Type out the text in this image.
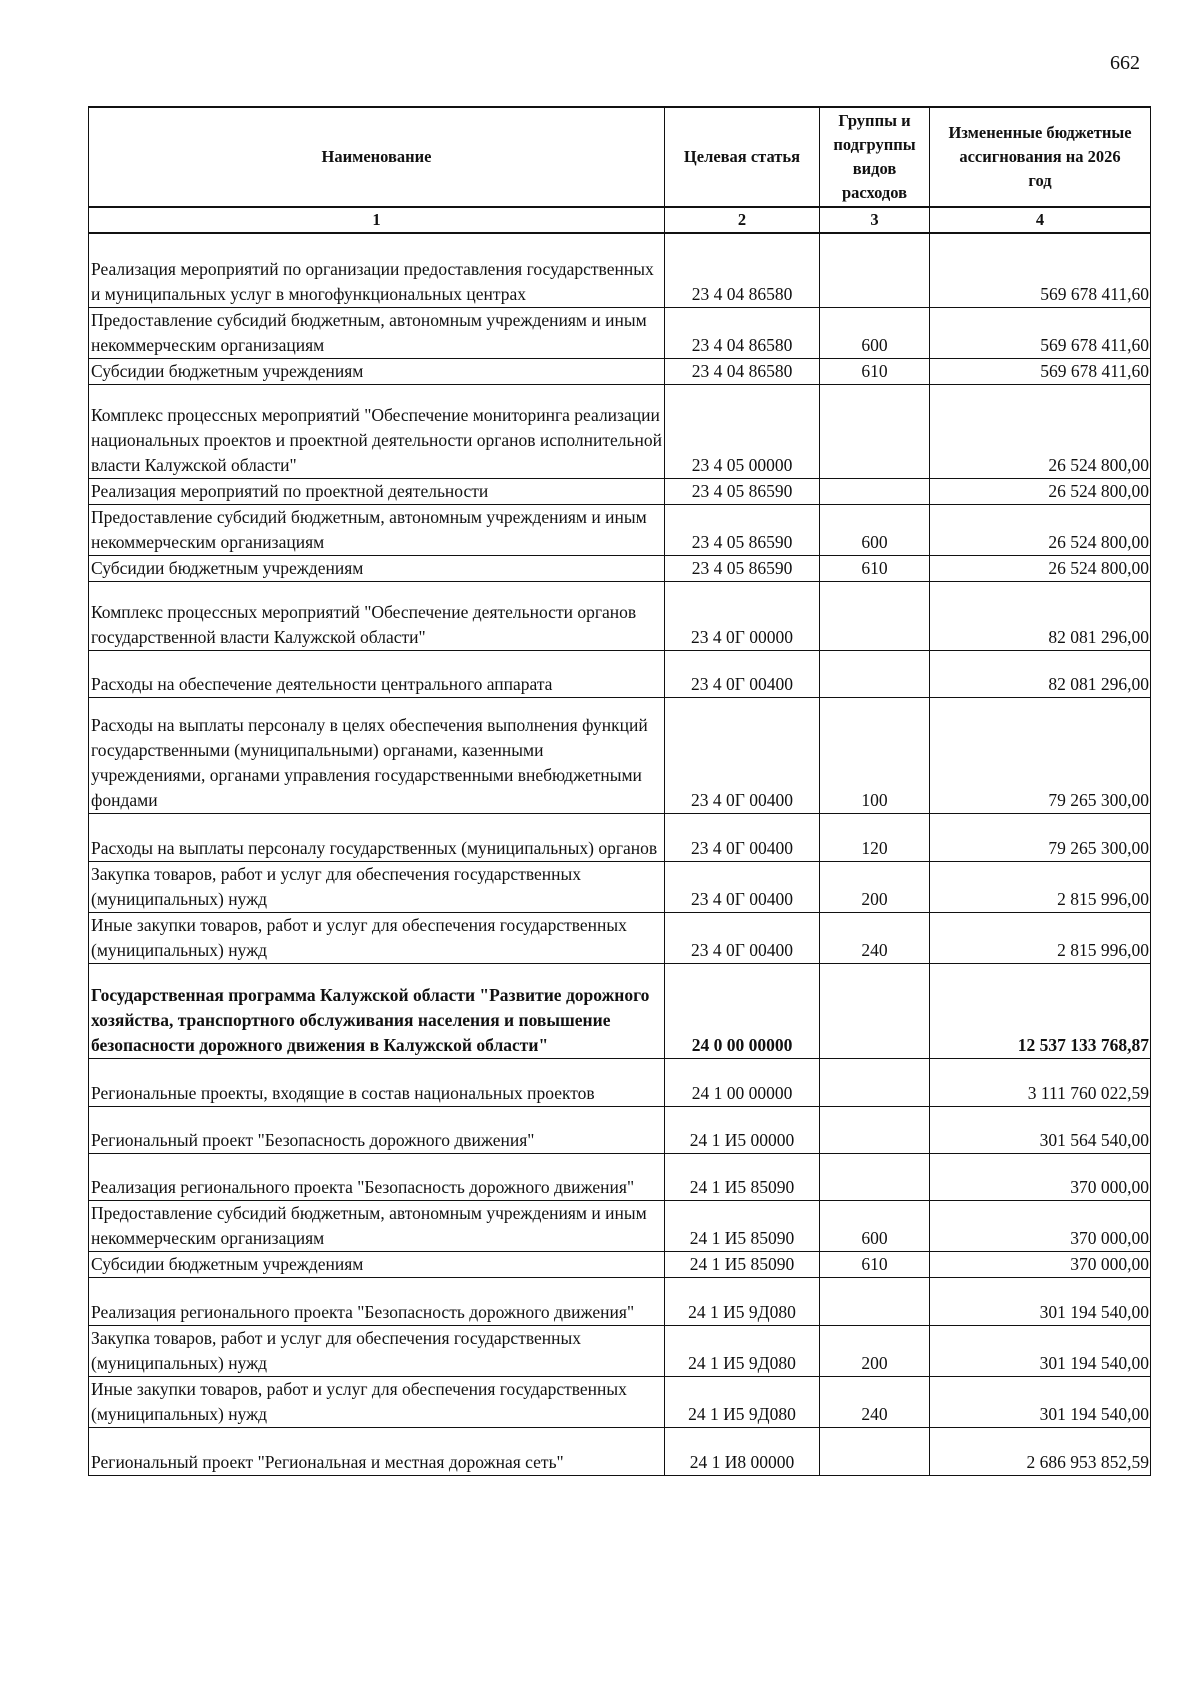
662
Наименование	Целевая статья	Группы и подгруппы видов расходов	Измененные бюджетные ассигнования на 2026 год
1	2	3	4
Реализация мероприятий по организации предоставления государственных и муниципальных услуг в многофункциональных центрах	23 4 04 86580		569 678 411,60
Предоставление субсидий бюджетным, автономным учреждениям и иным некоммерческим организациям	23 4 04 86580	600	569 678 411,60
Субсидии бюджетным учреждениям	23 4 04 86580	610	569 678 411,60
Комплекс процессных мероприятий "Обеспечение мониторинга реализации национальных проектов и проектной деятельности органов исполнительной власти Калужской области"	23 4 05 00000		26 524 800,00
Реализация мероприятий по проектной деятельности	23 4 05 86590		26 524 800,00
Предоставление субсидий бюджетным, автономным учреждениям и иным некоммерческим организациям	23 4 05 86590	600	26 524 800,00
Субсидии бюджетным учреждениям	23 4 05 86590	610	26 524 800,00
Комплекс процессных мероприятий "Обеспечение деятельности органов государственной власти Калужской области"	23 4 0Г 00000		82 081 296,00
Расходы на обеспечение деятельности центрального аппарата	23 4 0Г 00400		82 081 296,00
Расходы на выплаты персоналу в целях обеспечения выполнения функций государственными (муниципальными) органами, казенными учреждениями, органами управления государственными внебюджетными фондами	23 4 0Г 00400	100	79 265 300,00
Расходы на выплаты персоналу государственных (муниципальных) органов	23 4 0Г 00400	120	79 265 300,00
Закупка товаров, работ и услуг для обеспечения государственных (муниципальных) нужд	23 4 0Г 00400	200	2 815 996,00
Иные закупки товаров, работ и услуг для обеспечения государственных (муниципальных) нужд	23 4 0Г 00400	240	2 815 996,00
Государственная программа Калужской области "Развитие дорожного хозяйства, транспортного обслуживания населения и повышение безопасности дорожного движения в Калужской области"	24 0 00 00000		12 537 133 768,87
Региональные проекты, входящие в состав национальных проектов	24 1 00 00000		3 111 760 022,59
Региональный проект "Безопасность дорожного движения"	24 1 И5 00000		301 564 540,00
Реализация регионального проекта "Безопасность дорожного движения"	24 1 И5 85090		370 000,00
Предоставление субсидий бюджетным, автономным учреждениям и иным некоммерческим организациям	24 1 И5 85090	600	370 000,00
Субсидии бюджетным учреждениям	24 1 И5 85090	610	370 000,00
Реализация регионального проекта "Безопасность дорожного движения"	24 1 И5 9Д080		301 194 540,00
Закупка товаров, работ и услуг для обеспечения государственных (муниципальных) нужд	24 1 И5 9Д080	200	301 194 540,00
Иные закупки товаров, работ и услуг для обеспечения государственных (муниципальных) нужд	24 1 И5 9Д080	240	301 194 540,00
Региональный проект "Региональная и местная дорожная сеть"	24 1 И8 00000		2 686 953 852,59
